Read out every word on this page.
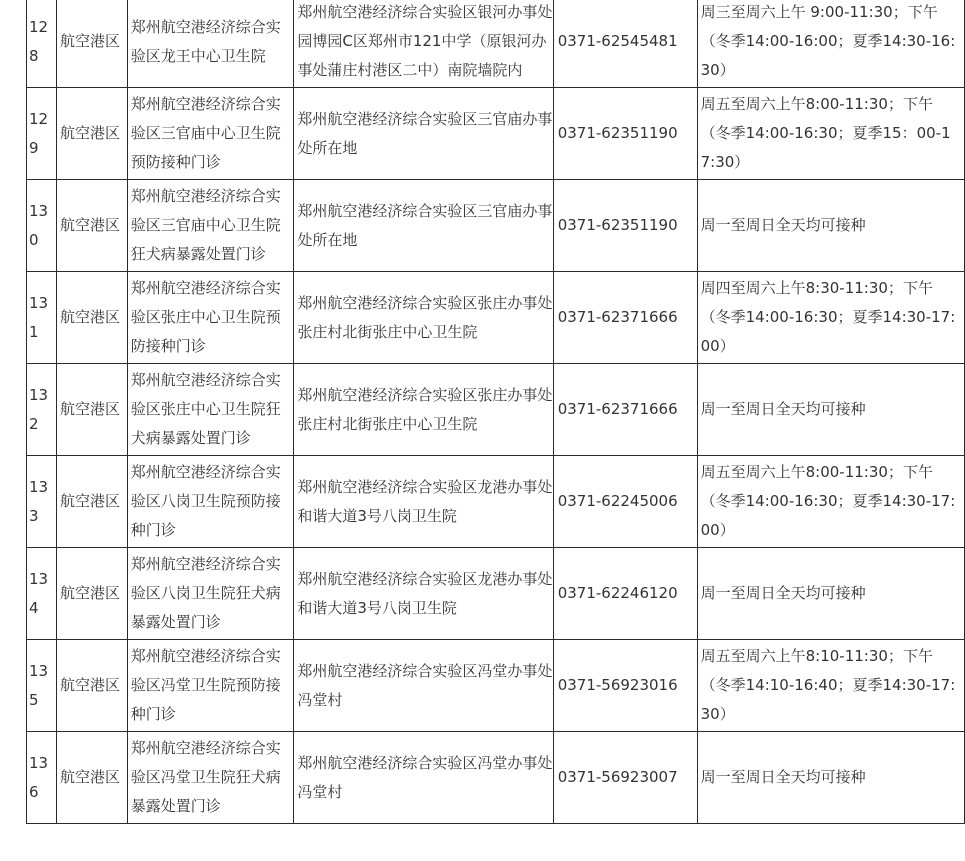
128	航空港区	郑州航空港经济综合实验区龙王中心卫生院	郑州航空港经济综合实验区银河办事处园博园C区郑州市121中学（原银河办事处蒲庄村港区二中）南院墙院内	0371-62545481	周三至周六上午 9:00-11:30；下午（冬季14:00-16:00；夏季14:30-16:30）
129	航空港区	郑州航空港经济综合实验区三官庙中心卫生院预防接种门诊	郑州航空港经济综合实验区三官庙办事处所在地	0371-62351190	周五至周六上午8:00-11:30；下午（冬季14:00-16:30；夏季15：00-17:30）
130	航空港区	郑州航空港经济综合实验区三官庙中心卫生院狂犬病暴露处置门诊	郑州航空港经济综合实验区三官庙办事处所在地	0371-62351190	周一至周日全天均可接种
131	航空港区	郑州航空港经济综合实验区张庄中心卫生院预防接种门诊	郑州航空港经济综合实验区张庄办事处张庄村北街张庄中心卫生院	0371-62371666	周四至周六上午8:30-11:30；下午（冬季14:00-16:30；夏季14:30-17:00）
132	航空港区	郑州航空港经济综合实验区张庄中心卫生院狂犬病暴露处置门诊	郑州航空港经济综合实验区张庄办事处张庄村北街张庄中心卫生院	0371-62371666	周一至周日全天均可接种
133	航空港区	郑州航空港经济综合实验区八岗卫生院预防接种门诊	郑州航空港经济综合实验区龙港办事处和谐大道3号八岗卫生院	0371-62245006	周五至周六上午8:00-11:30；下午（冬季14:00-16:30；夏季14:30-17:00）
134	航空港区	郑州航空港经济综合实验区八岗卫生院狂犬病暴露处置门诊	郑州航空港经济综合实验区龙港办事处和谐大道3号八岗卫生院	0371-62246120	周一至周日全天均可接种
135	航空港区	郑州航空港经济综合实验区冯堂卫生院预防接种门诊	郑州航空港经济综合实验区冯堂办事处冯堂村	0371-56923016	周五至周六上午8:10-11:30；下午（冬季14:10-16:40；夏季14:30-17:30）
136	航空港区	郑州航空港经济综合实验区冯堂卫生院狂犬病暴露处置门诊	郑州航空港经济综合实验区冯堂办事处冯堂村	0371-56923007	周一至周日全天均可接种
